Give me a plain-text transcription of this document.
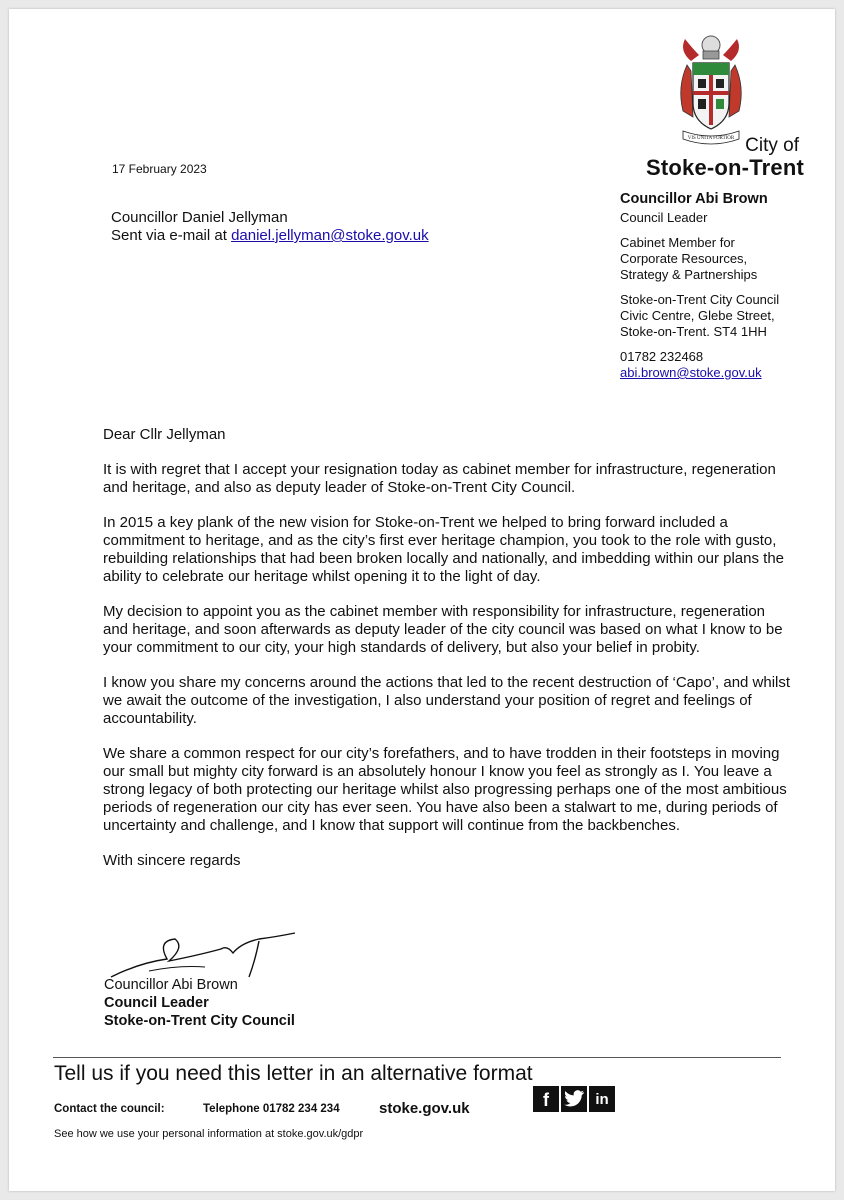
VIS UNITA FORTIOR City of
Stoke-on-Trent
Councillor Abi Brown
Council Leader
Cabinet Member for
Corporate Resources,
Strategy & Partnerships
Stoke-on-Trent City Council
Civic Centre, Glebe Street,
Stoke-on-Trent. ST4 1HH
01782 232468
abi.brown@stoke.gov.uk
17 February 2023
Councillor Daniel Jellyman
Sent via e-mail at daniel.jellyman@stoke.gov.uk

Dear Cllr Jellyman

It is with regret that I accept your resignation today as cabinet member for infrastructure, regeneration and heritage, and also as deputy leader of Stoke-on-Trent City Council.

In 2015 a key plank of the new vision for Stoke-on-Trent we helped to bring forward included a commitment to heritage, and as the city’s first ever heritage champion, you took to the role with gusto, rebuilding relationships that had been broken locally and nationally, and imbedding within our plans the ability to celebrate our heritage whilst opening it to the light of day.

My decision to appoint you as the cabinet member with responsibility for infrastructure, regeneration and heritage, and soon afterwards as deputy leader of the city council was based on what I know to be your commitment to our city, your high standards of delivery, but also your belief in probity.

I know you share my concerns around the actions that led to the recent destruction of ‘Capo’, and whilst we await the outcome of the investigation, I also understand your position of regret and feelings of accountability.

We share a common respect for our city’s forefathers, and to have trodden in their footsteps in moving our small but mighty city forward is an absolutely honour I know you feel as strongly as I. You leave a strong legacy of both protecting our heritage whilst also progressing perhaps one of the most ambitious periods of regeneration our city has ever seen. You have also been a stalwart to me, during periods of uncertainty and challenge, and I know that support will continue from the backbenches.

With sincere regards

Councillor Abi Brown
Council Leader
Stoke-on-Trent City Council
Tell us if you need this letter in an alternative format
Contact the council:	Telephone 01782 234 234	stoke.gov.uk	f	in
See how we use your personal information at stoke.gov.uk/gdpr
